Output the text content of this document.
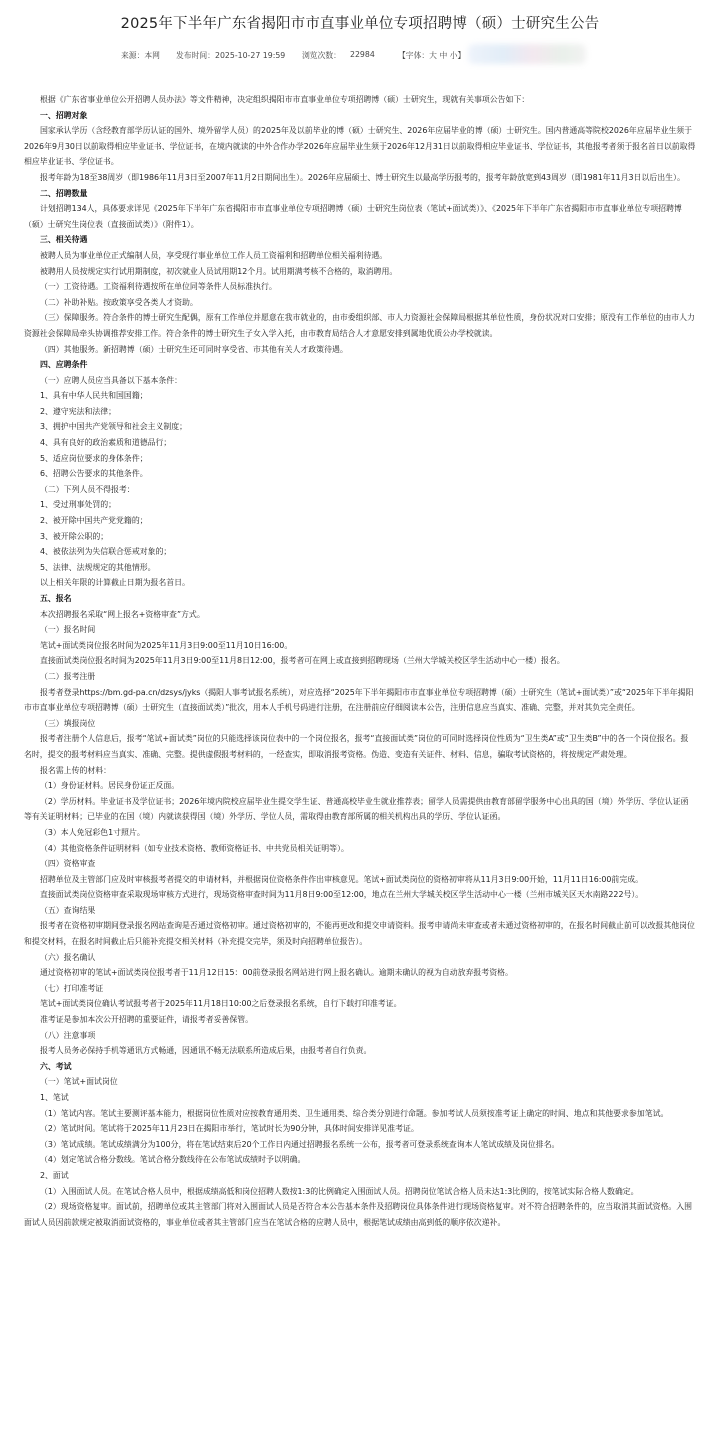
2025年下半年广东省揭阳市市直事业单位专项招聘博（硕）士研究生公告
来源：本网 发布时间：2025-10-27 19:59 浏览次数： 22984	【字体：大 中 小】

根据《广东省事业单位公开招聘人员办法》等文件精神，决定组织揭阳市市直事业单位专项招聘博（硕）士研究生，现就有关事项公告如下：

一、招聘对象

国家承认学历（含经教育部学历认证的国外、境外留学人员）的2025年及以前毕业的博（硕）士研究生、2026年应届毕业的博（硕）士研究生。国内普通高等院校2026年应届毕业生须于2026年9月30日以前取得相应毕业证书、学位证书，在境内就读的中外合作办学2026年应届毕业生须于2026年12月31日以前取得相应毕业证书、学位证书，其他报考者须于报名首日以前取得相应毕业证书、学位证书。

报考年龄为18至38周岁（即1986年11月3日至2007年11月2日期间出生）。2026年应届硕士、博士研究生以最高学历报考的，报考年龄放宽到43周岁（即1981年11月3日以后出生）。

二、招聘数量

计划招聘134人，具体要求详见《2025年下半年广东省揭阳市市直事业单位专项招聘博（硕）士研究生岗位表（笔试+面试类）》、《2025年下半年广东省揭阳市市直事业单位专项招聘博（硕）士研究生岗位表（直接面试类）》（附件1）。

三、相关待遇

被聘人员为事业单位正式编制人员，享受现行事业单位工作人员工资福利和招聘单位相关福利待遇。

被聘用人员按规定实行试用期制度，初次就业人员试用期12个月。试用期满考核不合格的，取消聘用。

（一）工资待遇。工资福利待遇按所在单位同等条件人员标准执行。

（二）补助补贴。按政策享受各类人才资助。

（三）保障服务。符合条件的博士研究生配偶，原有工作单位并愿意在我市就业的，由市委组织部、市人力资源社会保障局根据其单位性质，身份状况对口安排；原没有工作单位的由市人力资源社会保障局牵头协调推荐安排工作。符合条件的博士研究生子女入学入托，由市教育局结合人才意愿安排到属地优质公办学校就读。

（四）其他服务。新招聘博（硕）士研究生还可同时享受省、市其他有关人才政策待遇。

四、应聘条件

（一）应聘人员应当具备以下基本条件：

1、具有中华人民共和国国籍；

2、遵守宪法和法律；

3、拥护中国共产党领导和社会主义制度；

4、具有良好的政治素质和道德品行；

5、适应岗位要求的身体条件；

6、招聘公告要求的其他条件。

（二）下列人员不得报考：

1、受过刑事处罚的；

2、被开除中国共产党党籍的；

3、被开除公职的；

4、被依法列为失信联合惩戒对象的；

5、法律、法规规定的其他情形。

以上相关年限的计算截止日期为报名首日。

五、报名

本次招聘报名采取“网上报名+资格审查”方式。

（一）报名时间

笔试+面试类岗位报名时间为2025年11月3日9:00至11月10日16:00。

直接面试类岗位报名时间为2025年11月3日9:00至11月8日12:00，报考者可在网上或直接到招聘现场（兰州大学城关校区学生活动中心一楼）报名。

（二）报考注册

报考者登录https://bm.gd-pa.cn/dzsys/jyks（揭阳人事考试报名系统），对应选择“2025年下半年揭阳市市直事业单位专项招聘博（硕）士研究生（笔试+面试类）”或“2025年下半年揭阳市市直事业单位专项招聘博（硕）士研究生（直接面试类）”批次，用本人手机号码进行注册，在注册前应仔细阅读本公告，注册信息应当真实、准确、完整，并对其负完全责任。

（三）填报岗位

报考者注册个人信息后，报考“笔试+面试类”岗位的只能选择该岗位表中的一个岗位报名，报考“直接面试类”岗位的可同时选择岗位性质为“卫生类A”或“卫生类B”中的各一个岗位报名。报名时，提交的报考材料应当真实、准确、完整。提供虚假报考材料的，一经查实，即取消报考资格。伪造、变造有关证件、材料、信息，骗取考试资格的，将按规定严肃处理。

报名需上传的材料：

（1）身份证材料。居民身份证正反面。

（2）学历材料。毕业证书及学位证书；2026年境内院校应届毕业生提交学生证、普通高校毕业生就业推荐表；留学人员需提供由教育部留学服务中心出具的国（境）外学历、学位认证函等有关证明材料；已毕业的在国（境）内就读获得国（境）外学历、学位人员，需取得由教育部所属的相关机构出具的学历、学位认证函。

（3）本人免冠彩色1寸照片。

（4）其他资格条件证明材料（如专业技术资格、教师资格证书、中共党员相关证明等）。

（四）资格审查

招聘单位及主管部门应及时审核报考者提交的申请材料，并根据岗位资格条件作出审核意见。笔试+面试类岗位的资格初审将从11月3日9:00开始，11月11日16:00前完成。

直接面试类岗位资格审查采取现场审核方式进行，现场资格审查时间为11月8日9:00至12:00，地点在兰州大学城关校区学生活动中心一楼（兰州市城关区天水南路222号）。

（五）查询结果

报考者在资格初审期间登录报名网站查询是否通过资格初审。通过资格初审的，不能再更改和提交申请资料。报考申请尚未审查或者未通过资格初审的，在报名时间截止前可以改报其他岗位和提交材料，在报名时间截止后只能补充提交相关材料（补充提交完毕，须及时向招聘单位报告）。

（六）报名确认

通过资格初审的笔试+面试类岗位报考者于11月12日15：00前登录报名网站进行网上报名确认。逾期未确认的视为自动放弃报考资格。

（七）打印准考证

笔试+面试类岗位确认考试报考者于2025年11月18日10:00之后登录报名系统，自行下载打印准考证。

准考证是参加本次公开招聘的重要证件，请报考者妥善保管。

（八）注意事项

报考人员务必保持手机等通讯方式畅通，因通讯不畅无法联系所造成后果，由报考者自行负责。

六、考试

（一）笔试+面试岗位

1、笔试

（1）笔试内容。笔试主要测评基本能力，根据岗位性质对应按教育通用类、卫生通用类、综合类分别进行命题。参加考试人员须按准考证上确定的时间、地点和其他要求参加笔试。

（2）笔试时间。笔试将于2025年11月23日在揭阳市举行，笔试时长为90分钟，具体时间安排详见准考证。

（3）笔试成绩。笔试成绩满分为100分，将在笔试结束后20个工作日内通过招聘报名系统一公布，报考者可登录系统查询本人笔试成绩及岗位排名。

（4）划定笔试合格分数线。笔试合格分数线待在公布笔试成绩时予以明确。

2、面试

（1）入围面试人员。在笔试合格人员中，根据成绩高低和岗位招聘人数按1:3的比例确定入围面试人员。招聘岗位笔试合格人员未达1:3比例的，按笔试实际合格人数确定。

（2）现场资格复审。面试前，招聘单位或其主管部门将对入围面试人员是否符合本公告基本条件及招聘岗位具体条件进行现场资格复审。对不符合招聘条件的，应当取消其面试资格。入围面试人员因前款规定被取消面试资格的，事业单位或者其主管部门应当在笔试合格的应聘人员中，根据笔试成绩由高到低的顺序依次递补。
